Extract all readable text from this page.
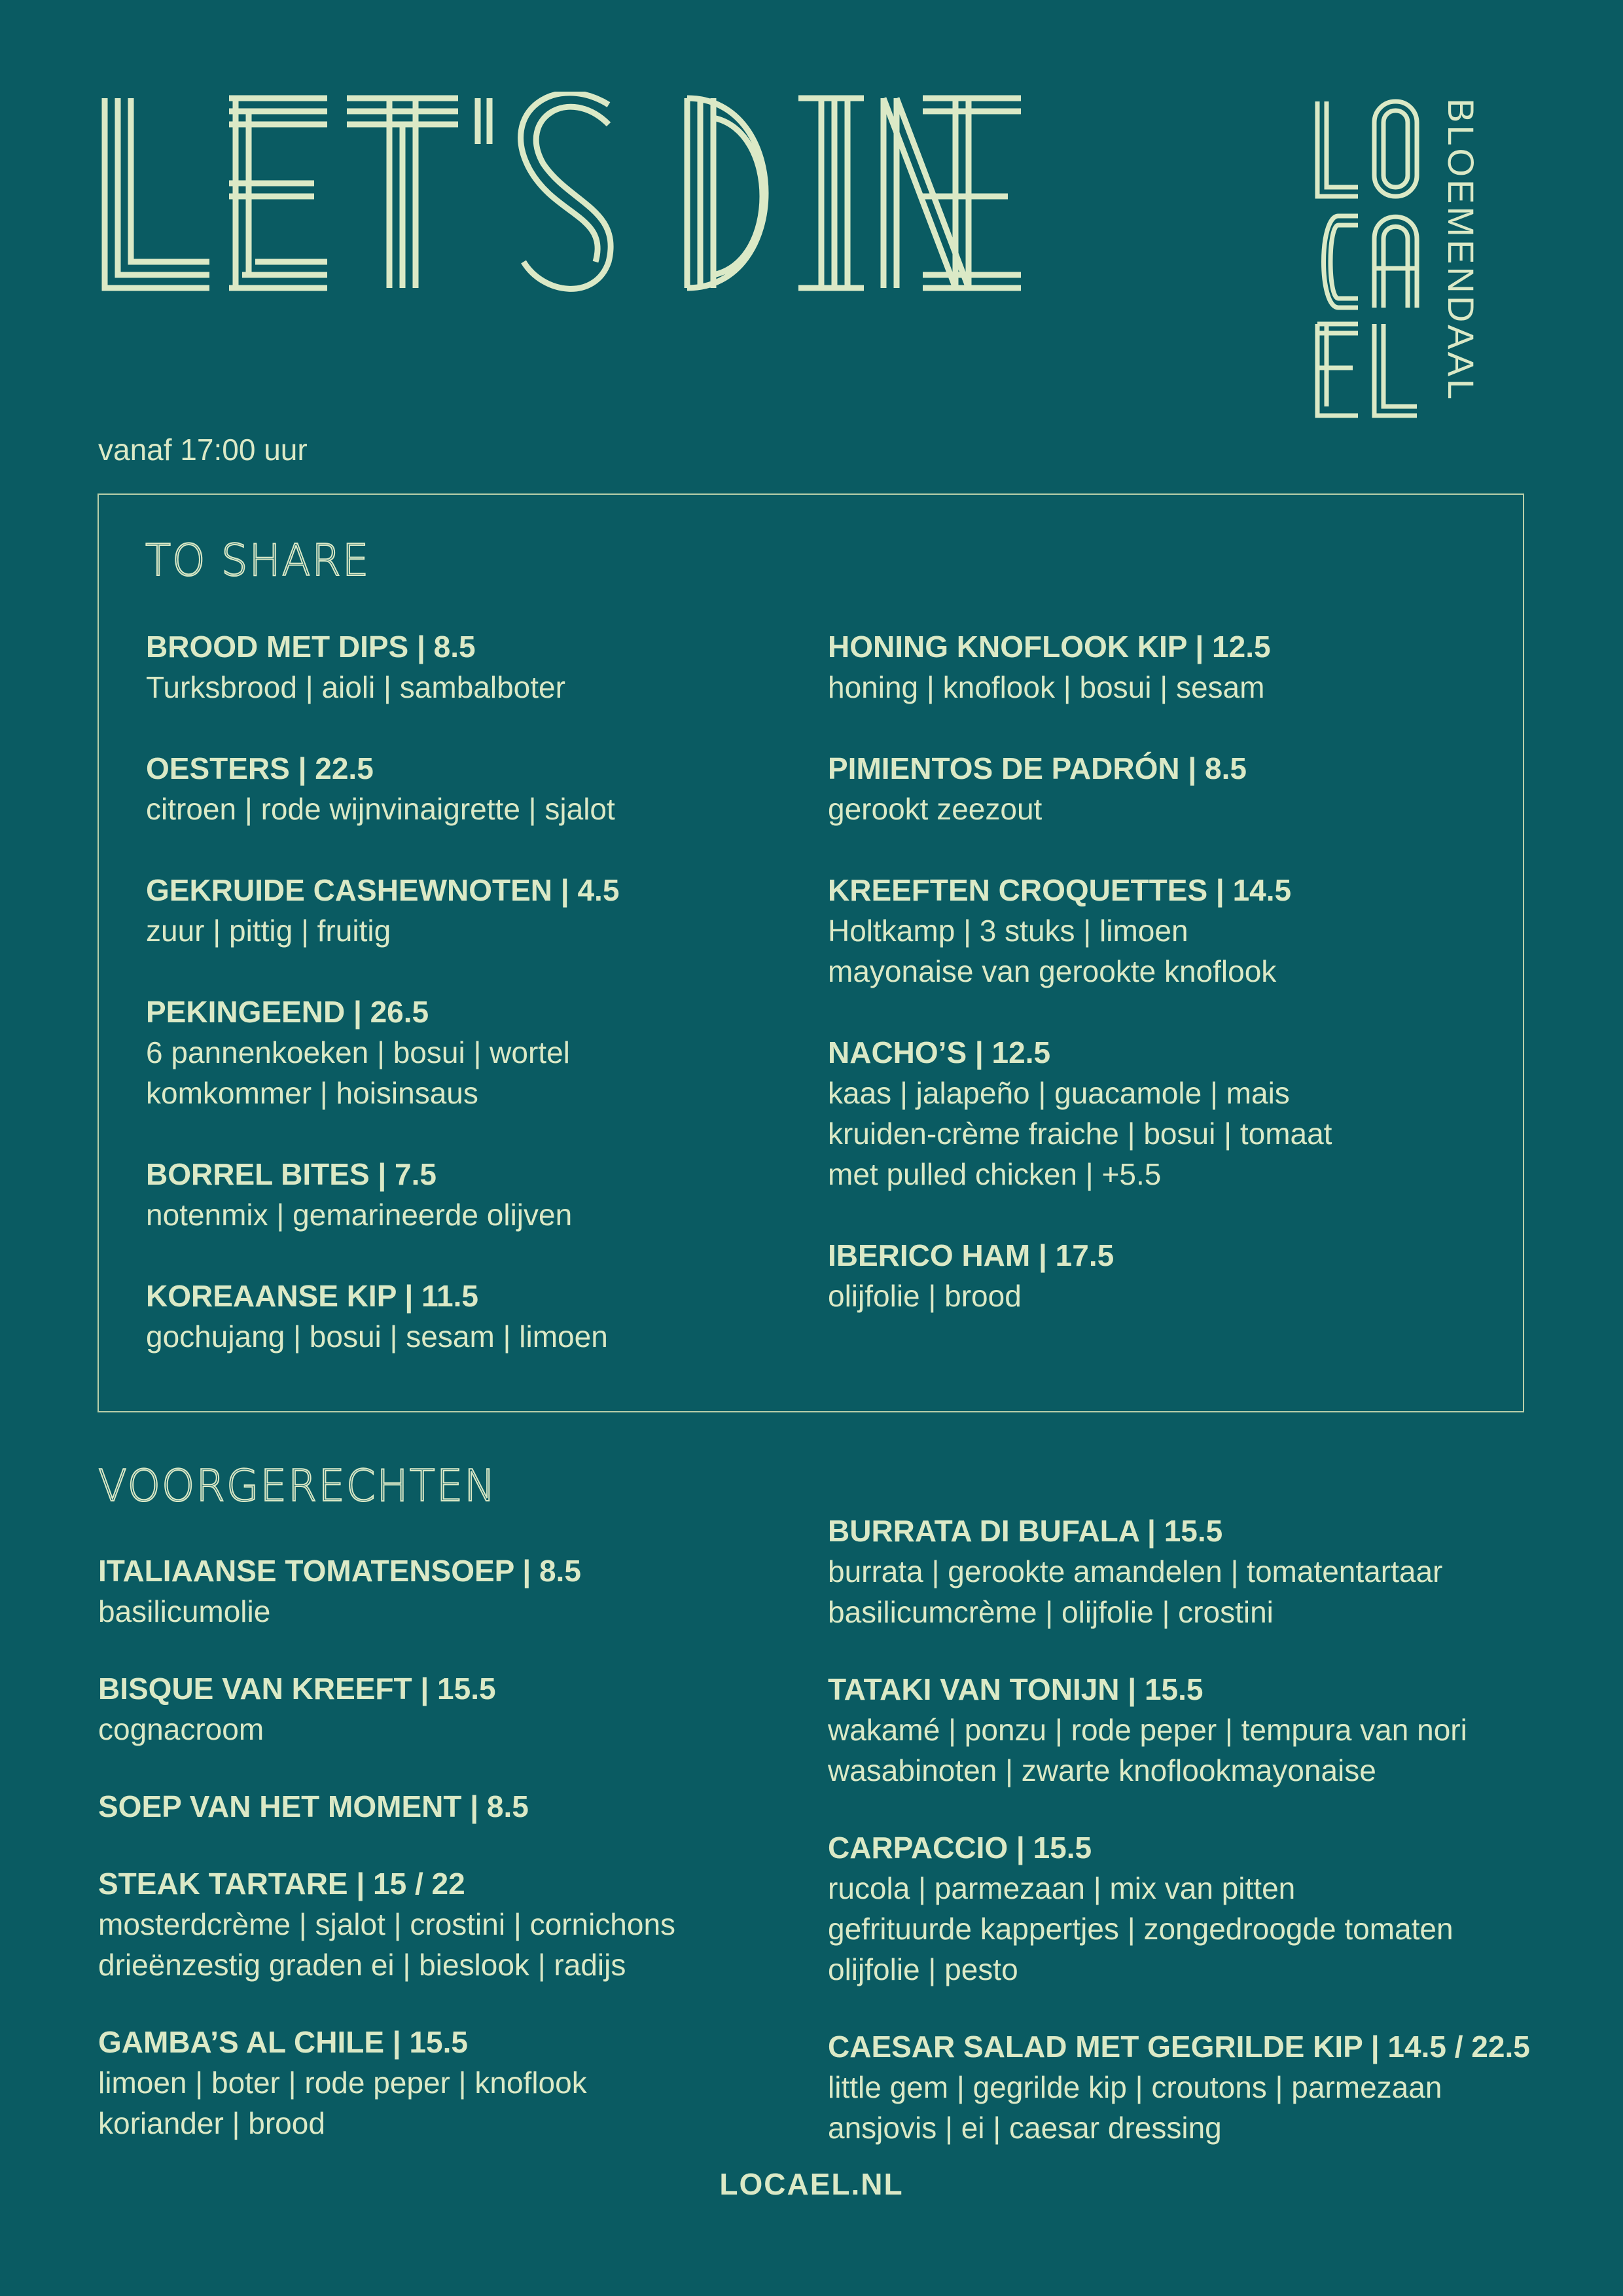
BLOEMENDAAL
vanaf 17:00 uur
TO SHARE
BROOD MET DIPS | 8.5
Turksbrood | aioli | sambalboter
OESTERS | 22.5
citroen | rode wijnvinaigrette | sjalot
GEKRUIDE CASHEWNOTEN | 4.5
zuur | pittig | fruitig
PEKINGEEND | 26.5
6 pannenkoeken | bosui | wortel
komkommer | hoisinsaus
BORREL BITES | 7.5
notenmix | gemarineerde olijven
KOREAANSE KIP | 11.5
gochujang | bosui | sesam | limoen
HONING KNOFLOOK KIP | 12.5
honing | knoflook | bosui | sesam
PIMIENTOS DE PADRÓN | 8.5
gerookt zeezout
KREEFTEN CROQUETTES | 14.5
Holtkamp | 3 stuks | limoen
mayonaise van gerookte knoflook
NACHO’S | 12.5
kaas | jalapeño | guacamole | mais
kruiden-crème fraiche | bosui | tomaat
met pulled chicken | +5.5
IBERICO HAM | 17.5
olijfolie | brood
VOORGERECHTEN
ITALIAANSE TOMATENSOEP | 8.5
basilicumolie
BISQUE VAN KREEFT | 15.5
cognacroom
SOEP VAN HET MOMENT | 8.5
STEAK TARTARE | 15 / 22
mosterdcrème | sjalot | crostini | cornichons
drieënzestig graden ei | bieslook | radijs
GAMBA’S AL CHILE | 15.5
limoen | boter | rode peper | knoflook
koriander | brood
BURRATA DI BUFALA | 15.5
burrata | gerookte amandelen | tomatentartaar
basilicumcrème | olijfolie | crostini
TATAKI VAN TONIJN | 15.5
wakamé | ponzu | rode peper | tempura van nori
wasabinoten | zwarte knoflookmayonaise
CARPACCIO | 15.5
rucola | parmezaan | mix van pitten
gefrituurde kappertjes | zongedroogde tomaten
olijfolie | pesto
CAESAR SALAD MET GEGRILDE KIP | 14.5 / 22.5
little gem | gegrilde kip | croutons | parmezaan
ansjovis | ei | caesar dressing
LOCAEL.NL
